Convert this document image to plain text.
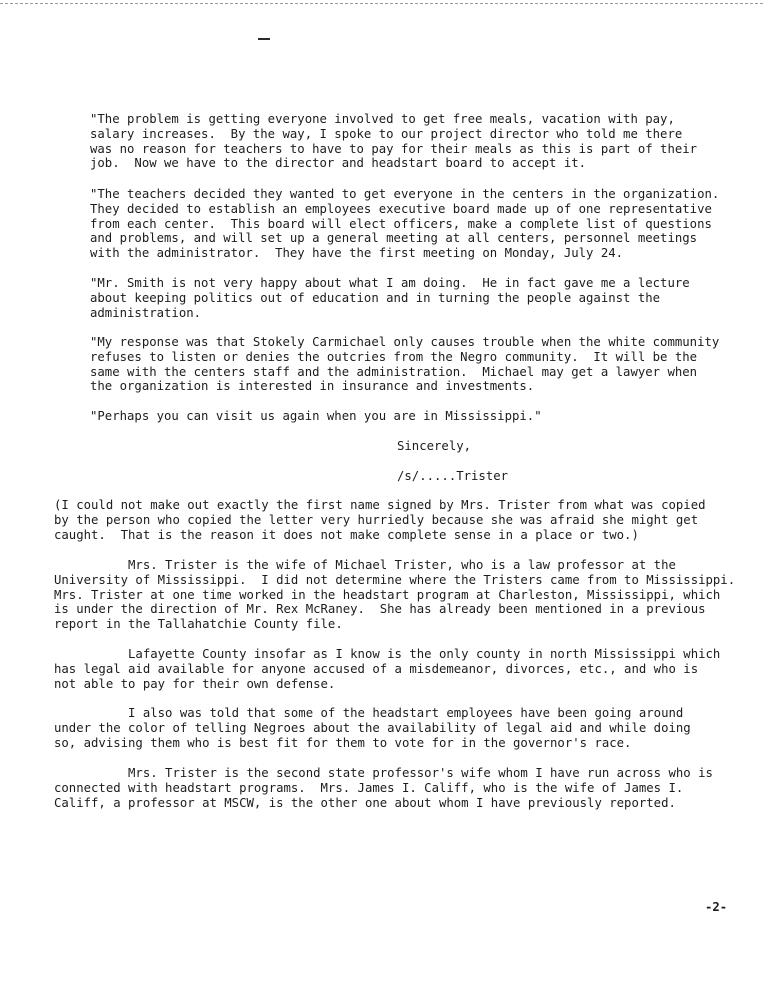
"The problem is getting everyone involved to get free meals, vacation with pay,
salary increases.  By the way, I spoke to our project director who told me there
was no reason for teachers to have to pay for their meals as this is part of their
job.  Now we have to the director and headstart board to accept it.

"The teachers decided they wanted to get everyone in the centers in the organization.
They decided to establish an employees executive board made up of one representative
from each center.  This board will elect officers, make a complete list of questions
and problems, and will set up a general meeting at all centers, personnel meetings
with the administrator.  They have the first meeting on Monday, July 24.

"Mr. Smith is not very happy about what I am doing.  He in fact gave me a lecture
about keeping politics out of education and in turning the people against the
administration.

"My response was that Stokely Carmichael only causes trouble when the white community
refuses to listen or denies the outcries from the Negro community.  It will be the
same with the centers staff and the administration.  Michael may get a lawyer when
the organization is interested in insurance and investments.

"Perhaps you can visit us again when you are in Mississippi."

Sincerely,
/s/.....Trister

(I could not make out exactly the first name signed by Mrs. Trister from what was copied
by the person who copied the letter very hurriedly because she was afraid she might get
caught.  That is the reason it does not make complete sense in a place or two.)

Mrs. Trister is the wife of Michael Trister, who is a law professor at the
University of Mississippi.  I did not determine where the Tristers came from to Mississippi.
Mrs. Trister at one time worked in the headstart program at Charleston, Mississippi, which
is under the direction of Mr. Rex McRaney.  She has already been mentioned in a previous
report in the Tallahatchie County file.

Lafayette County insofar as I know is the only county in north Mississippi which
has legal aid available for anyone accused of a misdemeanor, divorces, etc., and who is
not able to pay for their own defense.

I also was told that some of the headstart employees have been going around
under the color of telling Negroes about the availability of legal aid and while doing
so, advising them who is best fit for them to vote for in the governor's race.

Mrs. Trister is the second state professor's wife whom I have run across who is
connected with headstart programs.  Mrs. James I. Califf, who is the wife of James I.
Califf, a professor at MSCW, is the other one about whom I have previously reported.

-2-
